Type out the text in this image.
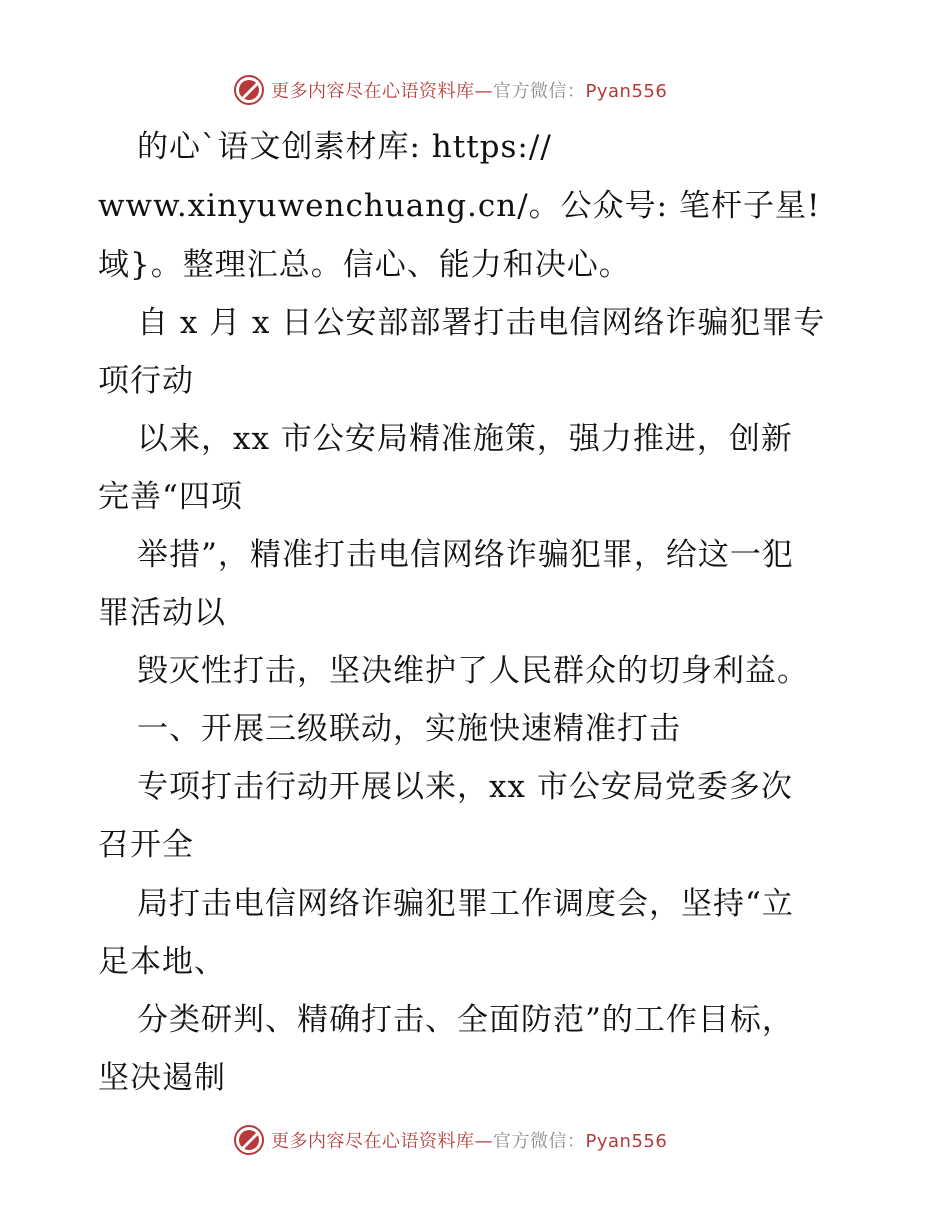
更多内容尽在心语资料库—官方微信：Pyan556
的心`语文创素材库: https://
www.xinyuwenchuang.cn/。公众号: 笔杆子星!
域}。整理汇总。信心、能力和决心。
自 x 月 x 日公安部部署打击电信网络诈骗犯罪专
项行动
以来，xx 市公安局精准施策，强力推进，创新
完善“四项
举措”，精准打击电信网络诈骗犯罪，给这一犯
罪活动以
毁灭性打击，坚决维护了人民群众的切身利益。
一、开展三级联动，实施快速精准打击
专项打击行动开展以来，xx 市公安局党委多次
召开全
局打击电信网络诈骗犯罪工作调度会，坚持“立
足本地、
分类研判、精确打击、全面防范”的工作目标，
坚决遏制
更多内容尽在心语资料库—官方微信：Pyan556
